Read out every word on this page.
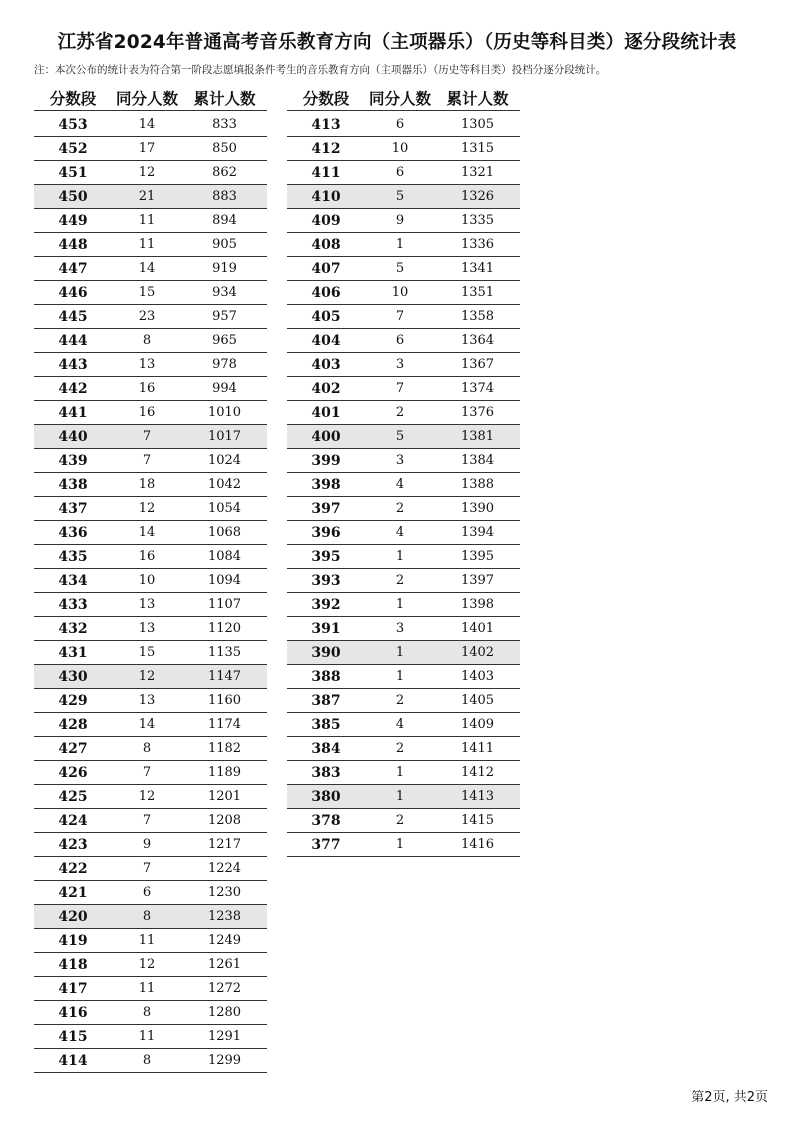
江苏省2024年普通高考音乐教育方向（主项器乐）（历史等科目类）逐分段统计表
注：本次公布的统计表为符合第一阶段志愿填报条件考生的音乐教育方向（主项器乐）（历史等科目类）投档分逐分段统计。
分数段	同分人数 累计人数
453	14	833
452	17	850
451	12	862
450	21	883
449	11	894
448	11	905
447	14	919
446	15	934
445	23	957
444	8	965
443	13	978
442	16	994
441	16	1010
440	7	1017
439	7	1024
438	18	1042
437	12	1054
436	14	1068
435	16	1084
434	10	1094
433	13	1107
432	13	1120
431	15	1135
430	12	1147
429	13	1160
428	14	1174
427	8	1182
426	7	1189
425	12	1201
424	7	1208
423	9	1217
422	7	1224
421	6	1230
420	8	1238
419	11	1249
418	12	1261
417	11	1272
416	8	1280
415	11	1291
414	8	1299
分数段	同分人数 累计人数
413	6	1305
412	10	1315
411	6	1321
410	5	1326
409	9	1335
408	1	1336
407	5	1341
406	10	1351
405	7	1358
404	6	1364
403	3	1367
402	7	1374
401	2	1376
400	5	1381
399	3	1384
398	4	1388
397	2	1390
396	4	1394
395	1	1395
393	2	1397
392	1	1398
391	3	1401
390	1	1402
388	1	1403
387	2	1405
385	4	1409
384	2	1411
383	1	1412
380	1	1413
378	2	1415
377	1	1416
第2页, 共2页
